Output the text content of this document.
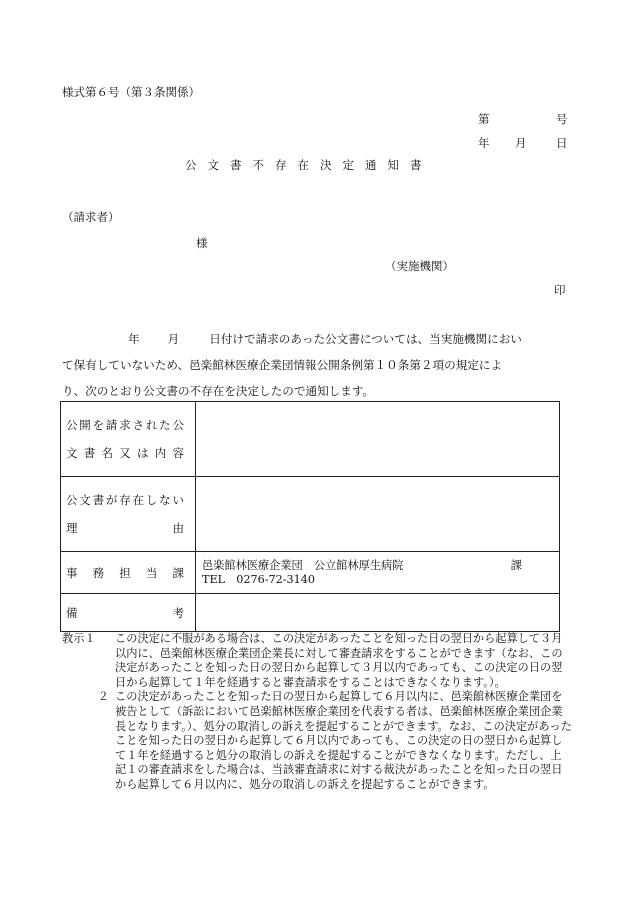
様式第６号（第３条関係）
第	号
年 月	日
公文書不存在決定通知書
（請求者）
様
（実施機関）
印
年 月	日付けで請求のあった公文書については、当実施機関におい
て保有していないため、邑楽館林医療企業団情報公開条例第１０条第２項の規定によ
り、次のとおり公文書の不存在を決定したので通知します。
公開を請求された公
文書名又は内容	

公文書が存在しない
理 由	

事務担当課	邑楽館林医療企業団　公立館林厚生病院 課
TEL　0276-72-3140

備 考	

教示１	この決定に不服がある場合は、この決定があったことを知った日の翌日から起算して３月以内に、邑楽館林医療企業団企業長に対して審査請求をすることができます（なお、この決定があったことを知った日の翌日から起算して３月以内であっても、この決定の日の翌日から起算して１年を経過すると審査請求をすることはできなくなります。）。
２ この決定があったことを知った日の翌日から起算して６月以内に、邑楽館林医療企業団を被告として（訴訟において邑楽館林医療企業団を代表する者は、邑楽館林医療企業団企業長となります。）、処分の取消しの訴えを提起することができます。なお、この決定があったことを知った日の翌日から起算して６月以内であっても、この決定の日の翌日から起算して１年を経過すると処分の取消しの訴えを提起することができなくなります。ただし、上記１の審査請求をした場合は、当該審査請求に対する裁決があったことを知った日の翌日から起算して６月以内に、処分の取消しの訴えを提起することができます。
